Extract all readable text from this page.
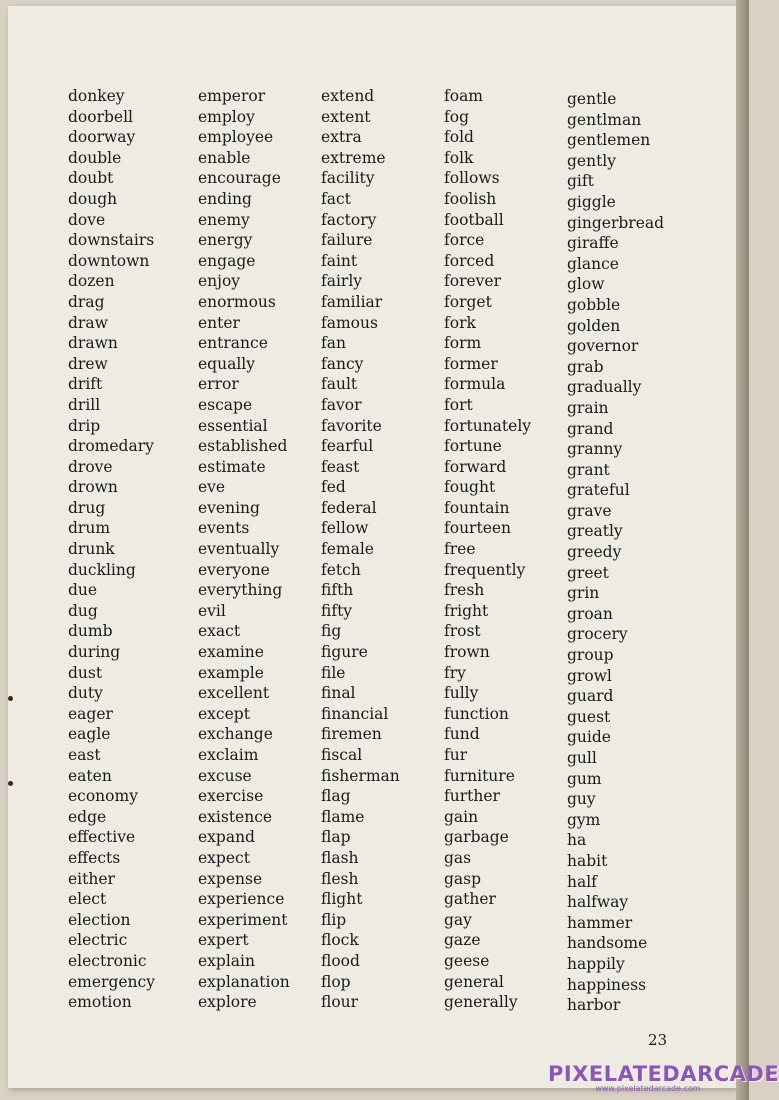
donkey
doorbell
doorway
double
doubt
dough
dove
downstairs
downtown
dozen
drag
draw
drawn
drew
drift
drill
drip
dromedary
drove
drown
drug
drum
drunk
duckling
due
dug
dumb
during
dust
duty
eager
eagle
east
eaten
economy
edge
effective
effects
either
elect
election
electric
electronic
emergency
emotion
emperor
employ
employee
enable
encourage
ending
enemy
energy
engage
enjoy
enormous
enter
entrance
equally
error
escape
essential
established
estimate
eve
evening
events
eventually
everyone
everything
evil
exact
examine
example
excellent
except
exchange
exclaim
excuse
exercise
existence
expand
expect
expense
experience
experiment
expert
explain
explanation
explore
extend
extent
extra
extreme
facility
fact
factory
failure
faint
fairly
familiar
famous
fan
fancy
fault
favor
favorite
fearful
feast
fed
federal
fellow
female
fetch
fifth
fifty
fig
figure
file
final
financial
firemen
fiscal
fisherman
flag
flame
flap
flash
flesh
flight
flip
flock
flood
flop
flour
foam
fog
fold
folk
follows
foolish
football
force
forced
forever
forget
fork
form
former
formula
fort
fortunately
fortune
forward
fought
fountain
fourteen
free
frequently
fresh
fright
frost
frown
fry
fully
function
fund
fur
furniture
further
gain
garbage
gas
gasp
gather
gay
gaze
geese
general
generally
gentle
gentlman
gentlemen
gently
gift
giggle
gingerbread
giraffe
glance
glow
gobble
golden
governor
grab
gradually
grain
grand
granny
grant
grateful
grave
greatly
greedy
greet
grin
groan
grocery
group
growl
guard
guest
guide
gull
gum
guy
gym
ha
habit
half
halfway
hammer
handsome
happily
happiness
harbor
23
PIXELATEDARCADE
www.pixelatedarcade.com
